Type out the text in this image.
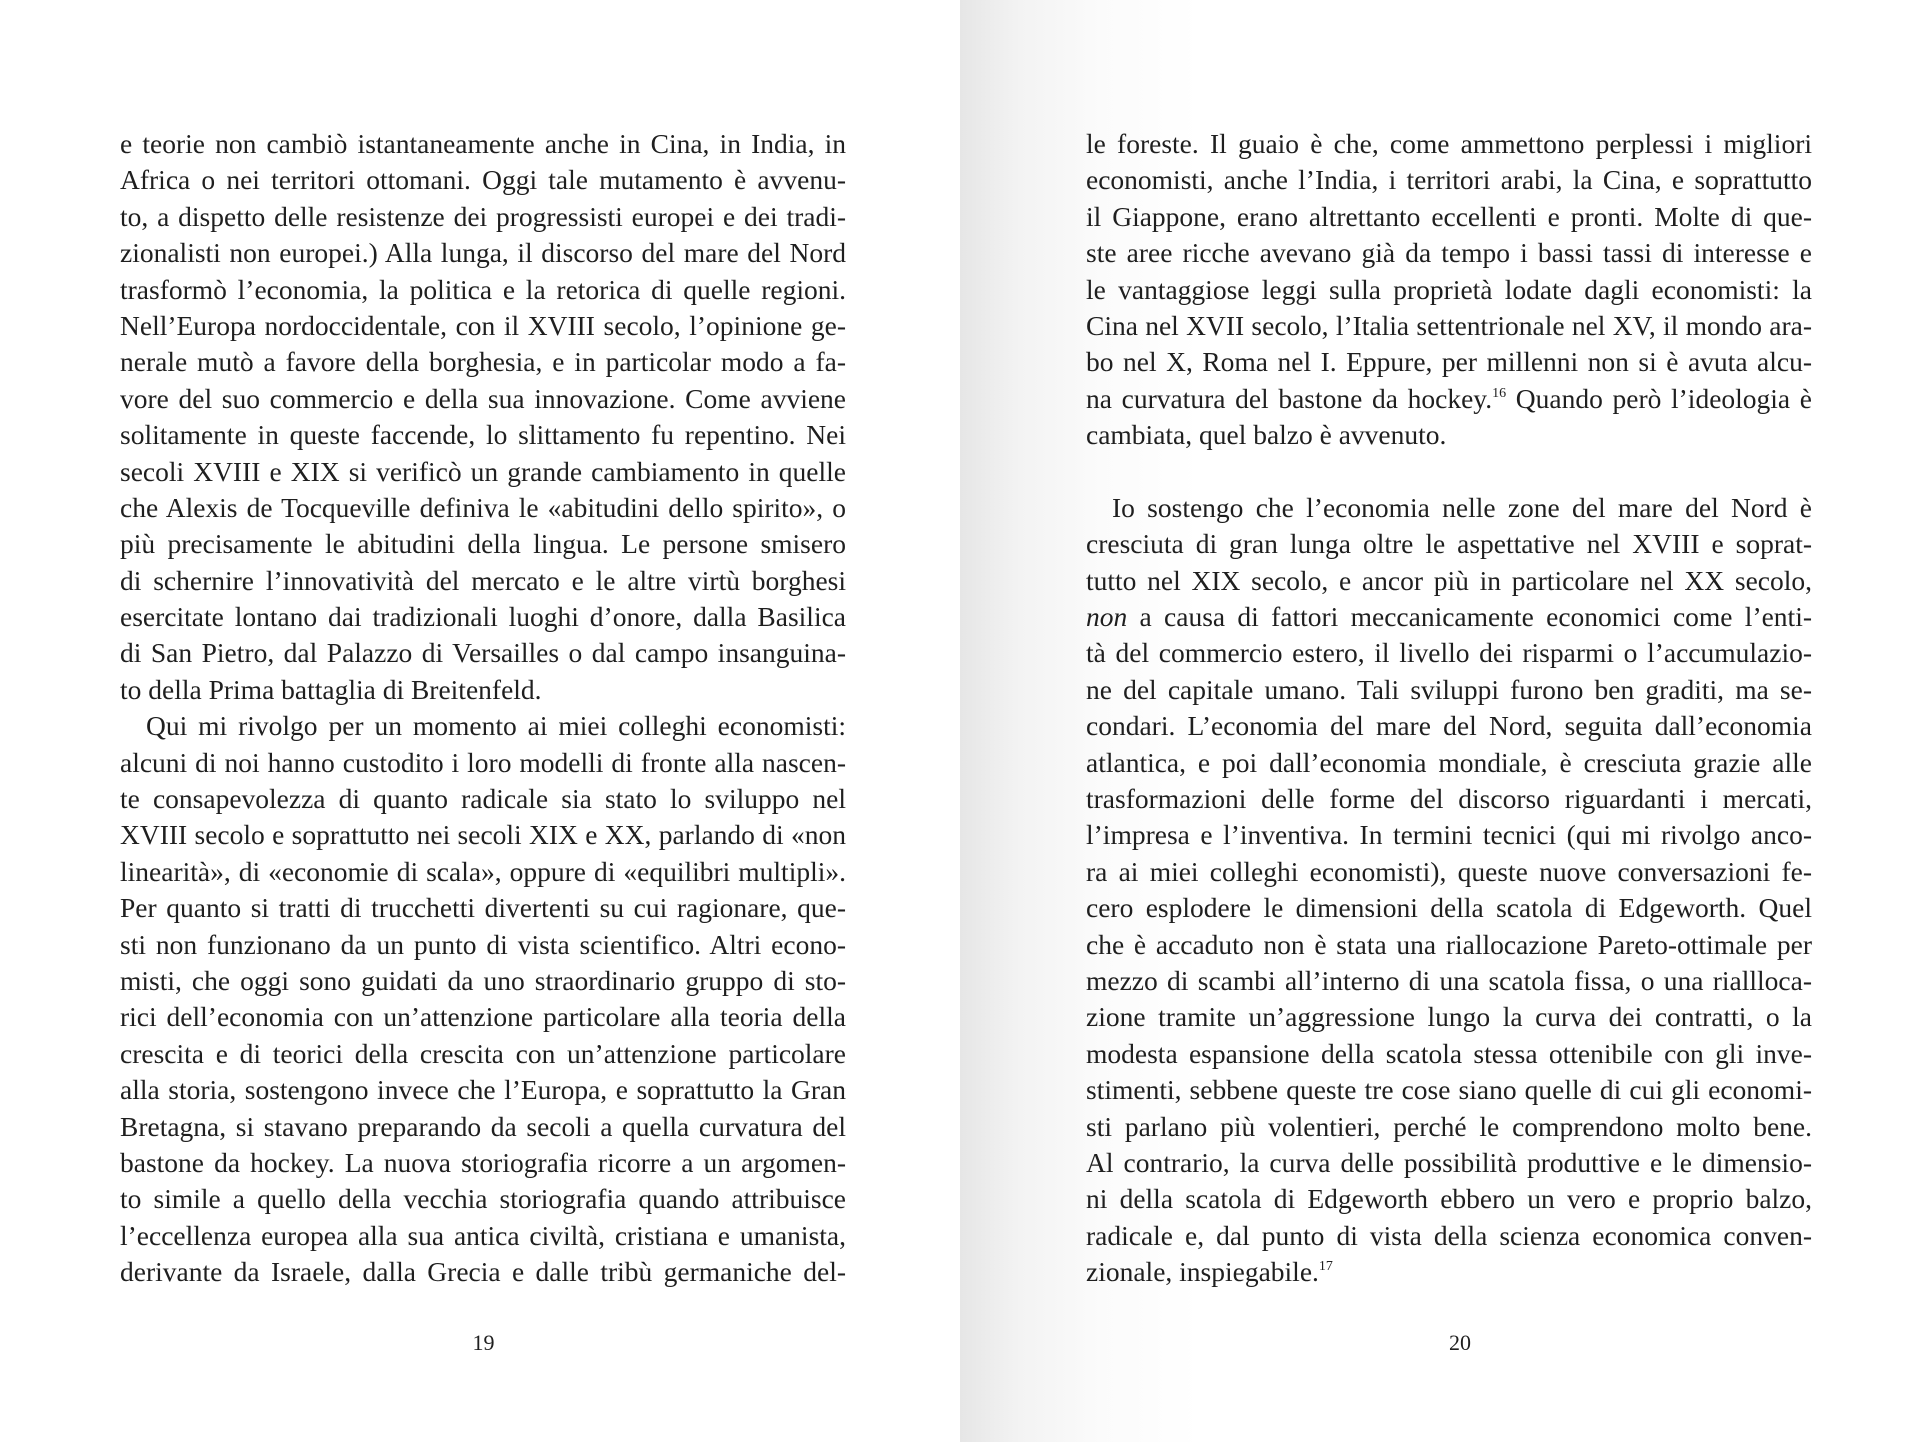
e teorie non cambiò istantaneamente anche in Cina, in India, in
Africa o nei territori ottomani. Oggi tale mutamento è avvenu-
to, a dispetto delle resistenze dei progressisti europei e dei tradi-
zionalisti non europei.) Alla lunga, il discorso del mare del Nord
trasformò l’economia, la politica e la retorica di quelle regioni.
Nell’Europa nordoccidentale, con il XVIII secolo, l’opinione ge-
nerale mutò a favore della borghesia, e in particolar modo a fa-
vore del suo commercio e della sua innovazione. Come avviene
solitamente in queste faccende, lo slittamento fu repentino. Nei
secoli XVIII e XIX si verificò un grande cambiamento in quelle
che Alexis de Tocqueville definiva le «abitudini dello spirito», o
più precisamente le abitudini della lingua. Le persone smisero
di schernire l’innovatività del mercato e le altre virtù borghesi
esercitate lontano dai tradizionali luoghi d’onore, dalla Basilica
di San Pietro, dal Palazzo di Versailles o dal campo insanguina-
to della Prima battaglia di Breitenfeld.
Qui mi rivolgo per un momento ai miei colleghi economisti:
alcuni di noi hanno custodito i loro modelli di fronte alla nascen-
te consapevolezza di quanto radicale sia stato lo sviluppo nel
XVIII secolo e soprattutto nei secoli XIX e XX, parlando di «non
linearità», di «economie di scala», oppure di «equilibri multipli».
Per quanto si tratti di trucchetti divertenti su cui ragionare, que-
sti non funzionano da un punto di vista scientifico. Altri econo-
misti, che oggi sono guidati da uno straordinario gruppo di sto-
rici dell’economia con un’attenzione particolare alla teoria della
crescita e di teorici della crescita con un’attenzione particolare
alla storia, sostengono invece che l’Europa, e soprattutto la Gran
Bretagna, si stavano preparando da secoli a quella curvatura del
bastone da hockey. La nuova storiografia ricorre a un argomen-
to simile a quello della vecchia storiografia quando attribuisce
l’eccellenza europea alla sua antica civiltà, cristiana e umanista,
derivante da Israele, dalla Grecia e dalle tribù germaniche del-
19
le foreste. Il guaio è che, come ammettono perplessi i migliori
economisti, anche l’India, i territori arabi, la Cina, e soprattutto
il Giappone, erano altrettanto eccellenti e pronti. Molte di que-
ste aree ricche avevano già da tempo i bassi tassi di interesse e
le vantaggiose leggi sulla proprietà lodate dagli economisti: la
Cina nel XVII secolo, l’Italia settentrionale nel XV, il mondo ara-
bo nel X, Roma nel I. Eppure, per millenni non si è avuta alcu-
na curvatura del bastone da hockey.$^{16}$ Quando però l’ideologia è
cambiata, quel balzo è avvenuto.
Io sostengo che l’economia nelle zone del mare del Nord è
cresciuta di gran lunga oltre le aspettative nel XVIII e soprat-
tutto nel XIX secolo, e ancor più in particolare nel XX secolo,
non a causa di fattori meccanicamente economici come l’enti-
tà del commercio estero, il livello dei risparmi o l’accumulazio-
ne del capitale umano. Tali sviluppi furono ben graditi, ma se-
condari. L’economia del mare del Nord, seguita dall’economia
atlantica, e poi dall’economia mondiale, è cresciuta grazie alle
trasformazioni delle forme del discorso riguardanti i mercati,
l’impresa e l’inventiva. In termini tecnici (qui mi rivolgo anco-
ra ai miei colleghi economisti), queste nuove conversazioni fe-
cero esplodere le dimensioni della scatola di Edgeworth. Quel
che è accaduto non è stata una riallocazione Pareto-ottimale per
mezzo di scambi all’interno di una scatola fissa, o una riallloca-
zione tramite un’aggressione lungo la curva dei contratti, o la
modesta espansione della scatola stessa ottenibile con gli inve-
stimenti, sebbene queste tre cose siano quelle di cui gli economi-
sti parlano più volentieri, perché le comprendono molto bene.
Al contrario, la curva delle possibilità produttive e le dimensio-
ni della scatola di Edgeworth ebbero un vero e proprio balzo,
radicale e, dal punto di vista della scienza economica conven-
zionale, inspiegabile.$^{17}$
20
